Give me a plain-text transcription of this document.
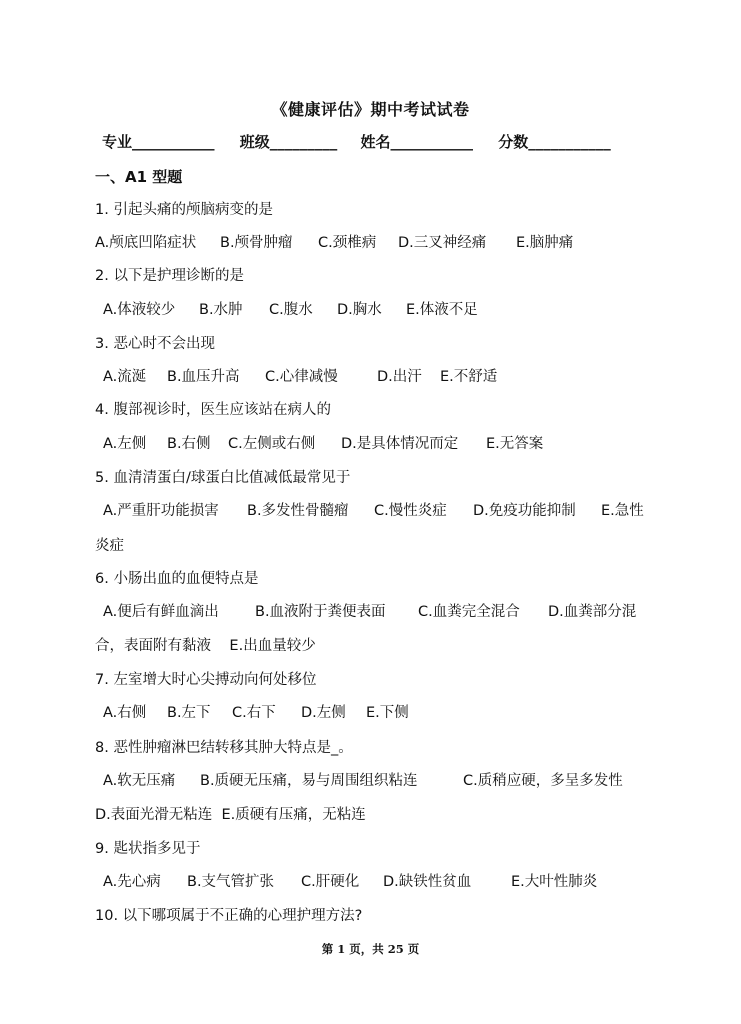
《健康评估》期中考试试卷
专业___________ 班级_________ 姓名___________ 分数___________
一、A1 型题
1. 引起头痛的颅脑病变的是
A.颅底凹陷症状 B.颅骨肿瘤 C.颈椎病 D.三叉神经痛 E.脑肿痛
2. 以下是护理诊断的是
A.体液较少 B.水肿 C.腹水 D.胸水 E.体液不足
3. 恶心时不会出现
A.流涎 B.血压升高 C.心律减慢	D.出汗 E.不舒适
4. 腹部视诊时，医生应该站在病人的
A.左侧 B.右侧 C.左侧或右侧 D.是具体情况而定 E.无答案
5. 血清清蛋白/球蛋白比值减低最常见于
A.严重肝功能损害 B.多发性骨髓瘤 C.慢性炎症 D.免疫功能抑制 E.急性
炎症
6. 小肠出血的血便特点是
A.便后有鲜血滴出 B.血液附于粪便表面 C.血粪完全混合 D.血粪部分混
合，表面附有黏液    E.出血量较少
7. 左室增大时心尖搏动向何处移位
A.右侧 B.左下 C.右下 D.左侧 E.下侧
8. 恶性肿瘤淋巴结转移其肿大特点是_。
A.软无压痛 B.质硬无压痛，易与周围组织粘连	C.质稍应硬，多呈多发性
D.表面光滑无粘连  E.质硬有压痛，无粘连
9. 匙状指多见于
A.先心病 B.支气管扩张 C.肝硬化 D.缺铁性贫血	E.大叶性肺炎
10. 以下哪项属于不正确的心理护理方法?
第 1 页，共 25 页
